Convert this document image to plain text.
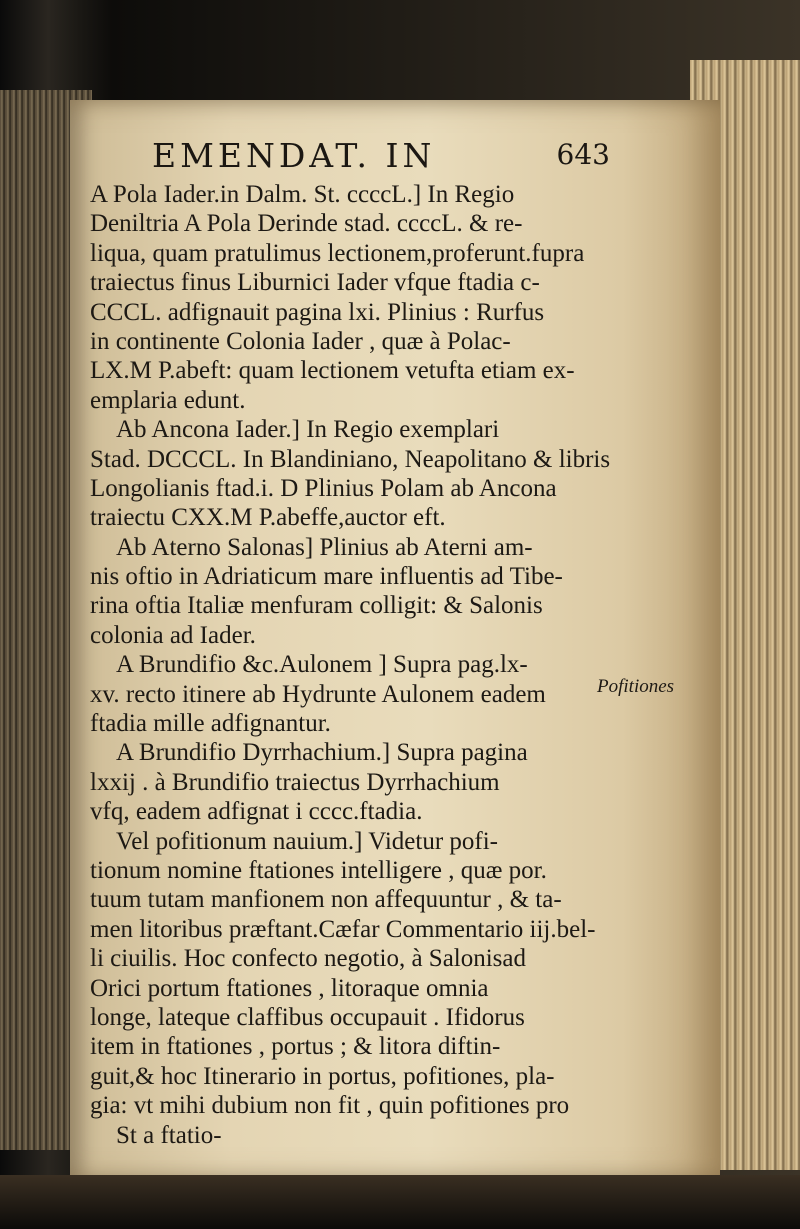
EMENDAT. IN	643
A Pola Iader.in Dalm. St. ccccL.] In Regio
Deniltria A Pola Derinde stad. ccccL. & re-
liqua, quam pratulimus lectionem,proferunt.fupra
traiectus finus Liburnici Iader vfque ftadia c-
CCCL. adfignauit pagina lxi. Plinius : Rurfus
in continente Colonia Iader , quæ à Polac-
LX.M P.abeft: quam lectionem vetufta etiam ex-
emplaria edunt.
Ab Ancona Iader.] In Regio exemplari
Stad. DCCCL. In Blandiniano, Neapolitano & libris
Longolianis ftad.i. D Plinius Polam ab Ancona
traiectu CXX.M P.abeffe,auctor eft.
Ab Aterno Salonas] Plinius ab Aterni am-
nis oftio in Adriaticum mare influentis ad Tibe-
rina oftia Italiæ menfuram colligit: & Salonis
colonia ad Iader.
A Brundifio &c.Aulonem ] Supra pag.lx-
xv. recto itinere ab Hydrunte Aulonem eadem
ftadia mille adfignantur.
A Brundifio Dyrrhachium.] Supra pagina
lxxij . à Brundifio traiectus Dyrrhachium
vfq, eadem adfignat i cccc.ftadia.
Vel pofitionum nauium.] Videtur pofi-
tionum nomine ftationes intelligere , quæ por.
tuum tutam manfionem non affequuntur , & ta-
men litoribus præftant.Cæfar Commentario iij.bel-
li ciuilis. Hoc confecto negotio, à Salonisad
Orici portum ftationes , litoraque omnia
longe, lateque claffibus occupauit . Ifidorus
item in ftationes , portus ; & litora diftin-
guit,& hoc Itinerario in portus, pofitiones, pla-
gia: vt mihi dubium non fit , quin pofitiones pro
St a ftatio-
Pofitiones
